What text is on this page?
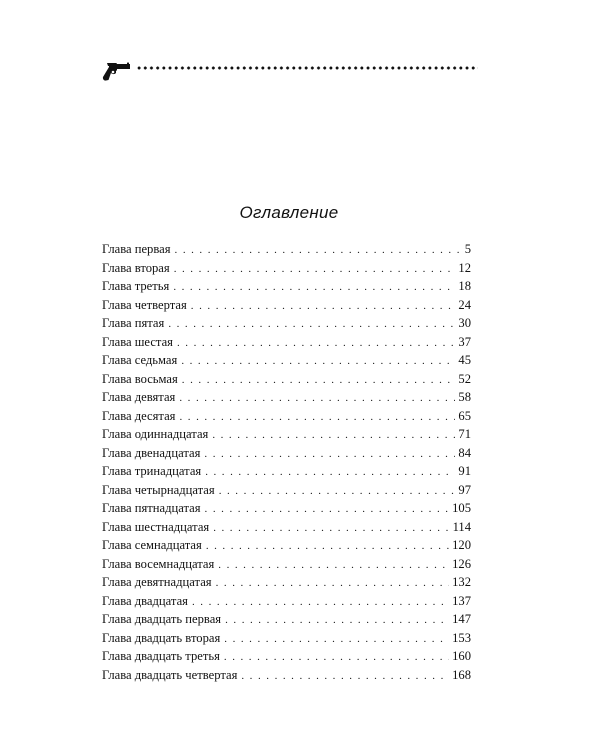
Оглавление
Глава первая . . .	5
Глава вторая . . .	12
Глава третья . . .	18
Глава четвертая . . .	24
Глава пятая . . .	30
Глава шестая . . .	37
Глава седьмая . . .	45
Глава восьмая . . .	52
Глава девятая . . .	58
Глава десятая . . .	65
Глава одиннадцатая . . .	71
Глава двенадцатая . . .	84
Глава тринадцатая . . .	91
Глава четырнадцатая . . .	97
Глава пятнадцатая . . .	105
Глава шестнадцатая . . .	114
Глава семнадцатая . . .	120
Глава восемнадцатая . . .	126
Глава девятнадцатая . . .	132
Глава двадцатая . . .	137
Глава двадцать первая . . .	147
Глава двадцать вторая . . .	153
Глава двадцать третья . . .	160
Глава двадцать четвертая . . .	168
